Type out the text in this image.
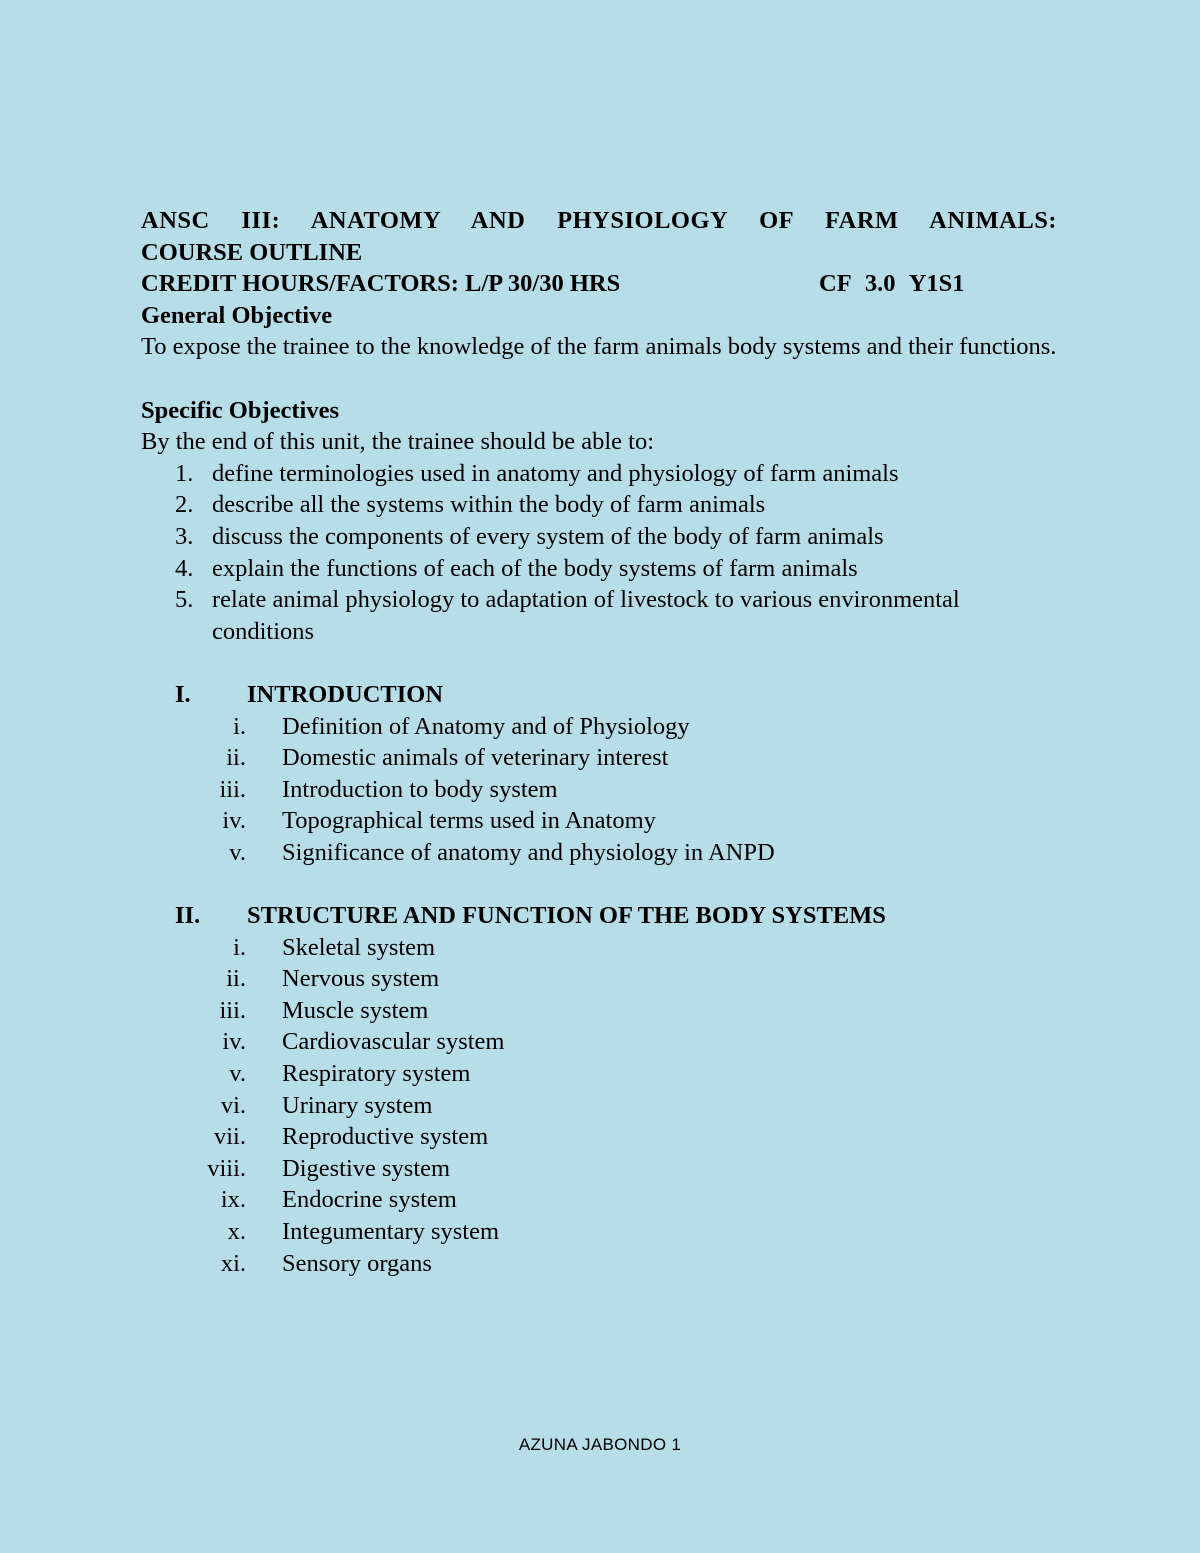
ANSC III: ANATOMY AND PHYSIOLOGY OF FARM ANIMALS:
COURSE OUTLINE
CREDIT HOURS/FACTORS: L/P 30/30 HRS	CF 3.0 Y1S1
General Objective

To expose the trainee to the knowledge of the farm animals body systems and their functions.

Specific Objectives
By the end of this unit, the trainee should be able to:
1. define terminologies used in anatomy and physiology of farm animals
2. describe all the systems within the body of farm animals
3. discuss the components of every system of the body of farm animals
4. explain the functions of each of the body systems of farm animals
5. relate animal physiology to adaptation of livestock to various environmental conditions
I. INTRODUCTION
i. Definition of Anatomy and of Physiology
ii. Domestic animals of veterinary interest
iii. Introduction to body system
iv. Topographical terms used in Anatomy
v. Significance of anatomy and physiology in ANPD
II. STRUCTURE AND FUNCTION OF THE BODY SYSTEMS
i. Skeletal system
ii. Nervous system
iii. Muscle system
iv. Cardiovascular system
v. Respiratory system
vi. Urinary system
vii. Reproductive system
viii. Digestive system
ix. Endocrine system
x. Integumentary system
xi. Sensory organs
AZUNA JABONDO 1
